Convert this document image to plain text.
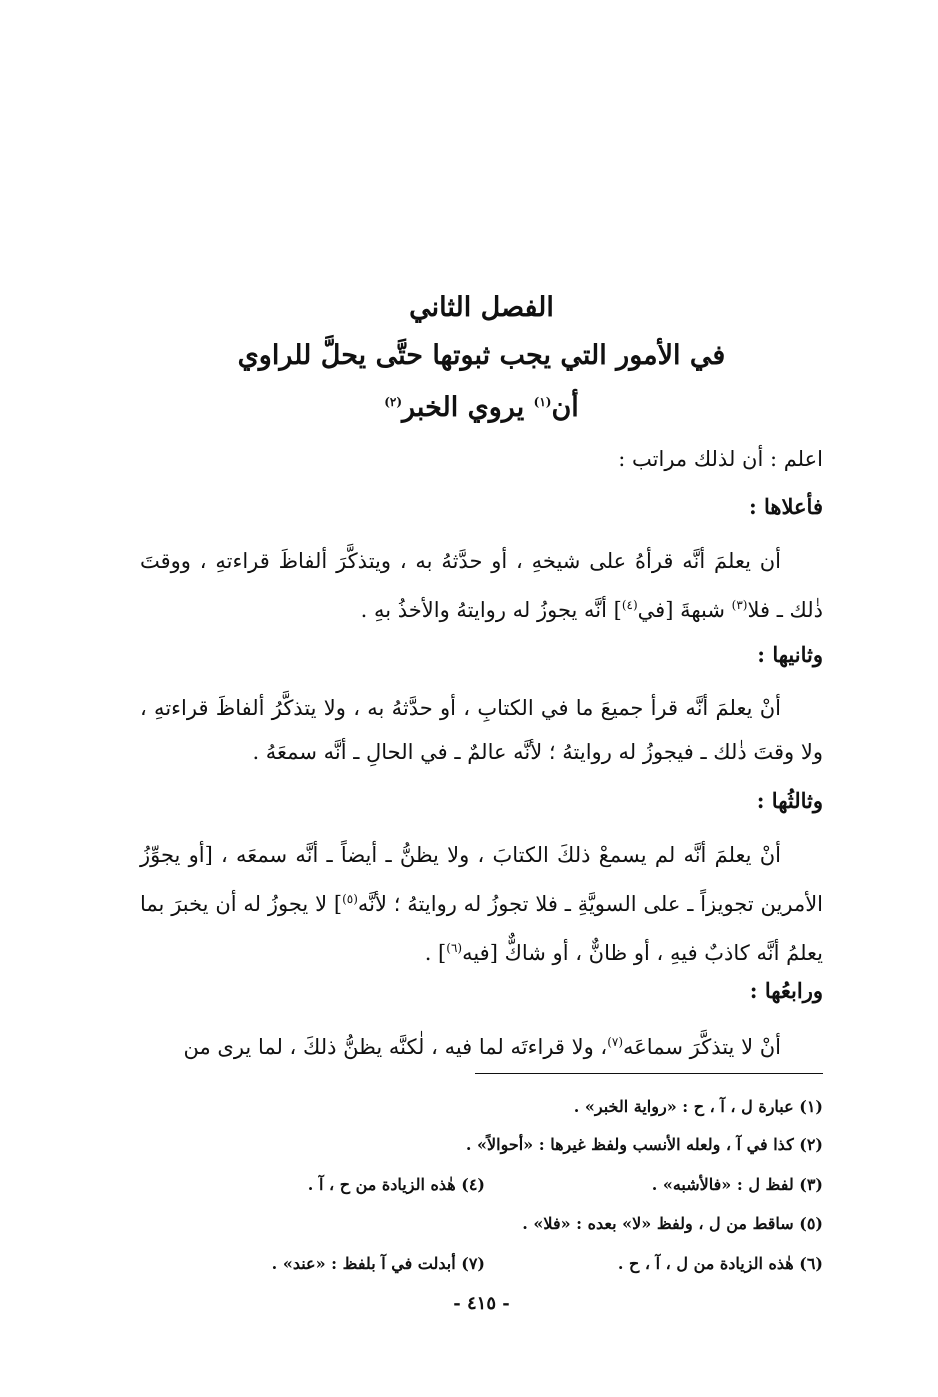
الفصل الثاني
في الأمور التي يجب ثبوتها حتَّى يحلَّ للراوي
أن$^{(١)}$ يروي الخبر$^{(٢)}$
اعلم : أن لذلك مراتب :
فأعلاها :

أن يعلمَ أنَّه قرأهُ على شيخهِ ، أو حدَّثهُ به ، ويتذكَّرَ ألفاظَ قراءتهِ ، ووقتَ ذٰلك ـ فلا$^{(٣)}$ شبهةَ [في$^{(٤)}$] أنَّه يجوزُ له روايتهُ والأخذُ بهِ .

وثانيها :

أنْ يعلمَ أنَّه قرأ جميعَ ما في الكتابِ ، أو حدَّثهُ به ، ولا يتذكَّرُ ألفاظَ قراءتهِ ، ولا وقتَ ذٰلك ـ فيجوزُ له روايتهُ ؛ لأنَّه عالمٌ ـ في الحالِ ـ أنَّه سمعَهُ .

وثالثُها :

أنْ يعلمَ أنَّه لم يسمعْ ذلكَ الكتابَ ، ولا يظنُّ ـ أيضاً ـ أنَّه سمعَه ، [أو يجوِّزُ الأمرين تجويزاً ـ على السويَّةِ ـ فلا تجوزُ له روايتهُ ؛ لأنَّه$^{(٥)}$] لا يجوزُ له أن يخبرَ بما يعلمُ أنَّه كاذبٌ فيهِ ، أو ظانٌّ ، أو شاكٌّ [فيه$^{(٦)}$] .

ورابعُها :

أنْ لا يتذكَّرَ سماعَه$^{(٧)}$، ولا قراءتَه لما فيه ، لٰكنَّه يظنُّ ذلكَ ، لما يرى من

(١) عبارة ل ، آ ، ح : «رواية الخبر» .
(٢) كذا في آ ، ولعله الأنسب ولفظ غيرها : «أحوالاً» .
(٣) لفظ ل : «فالأشبه» .
(٤) هٰذه الزيادة من ح ، آ .
(٥) ساقط من ل ، ولفظ «لا» بعده : «فلا» .
(٦) هٰذه الزيادة من ل ، آ ، ح .
(٧) أبدلت في آ بلفظ : «عند» .
- ٤١٥ -
